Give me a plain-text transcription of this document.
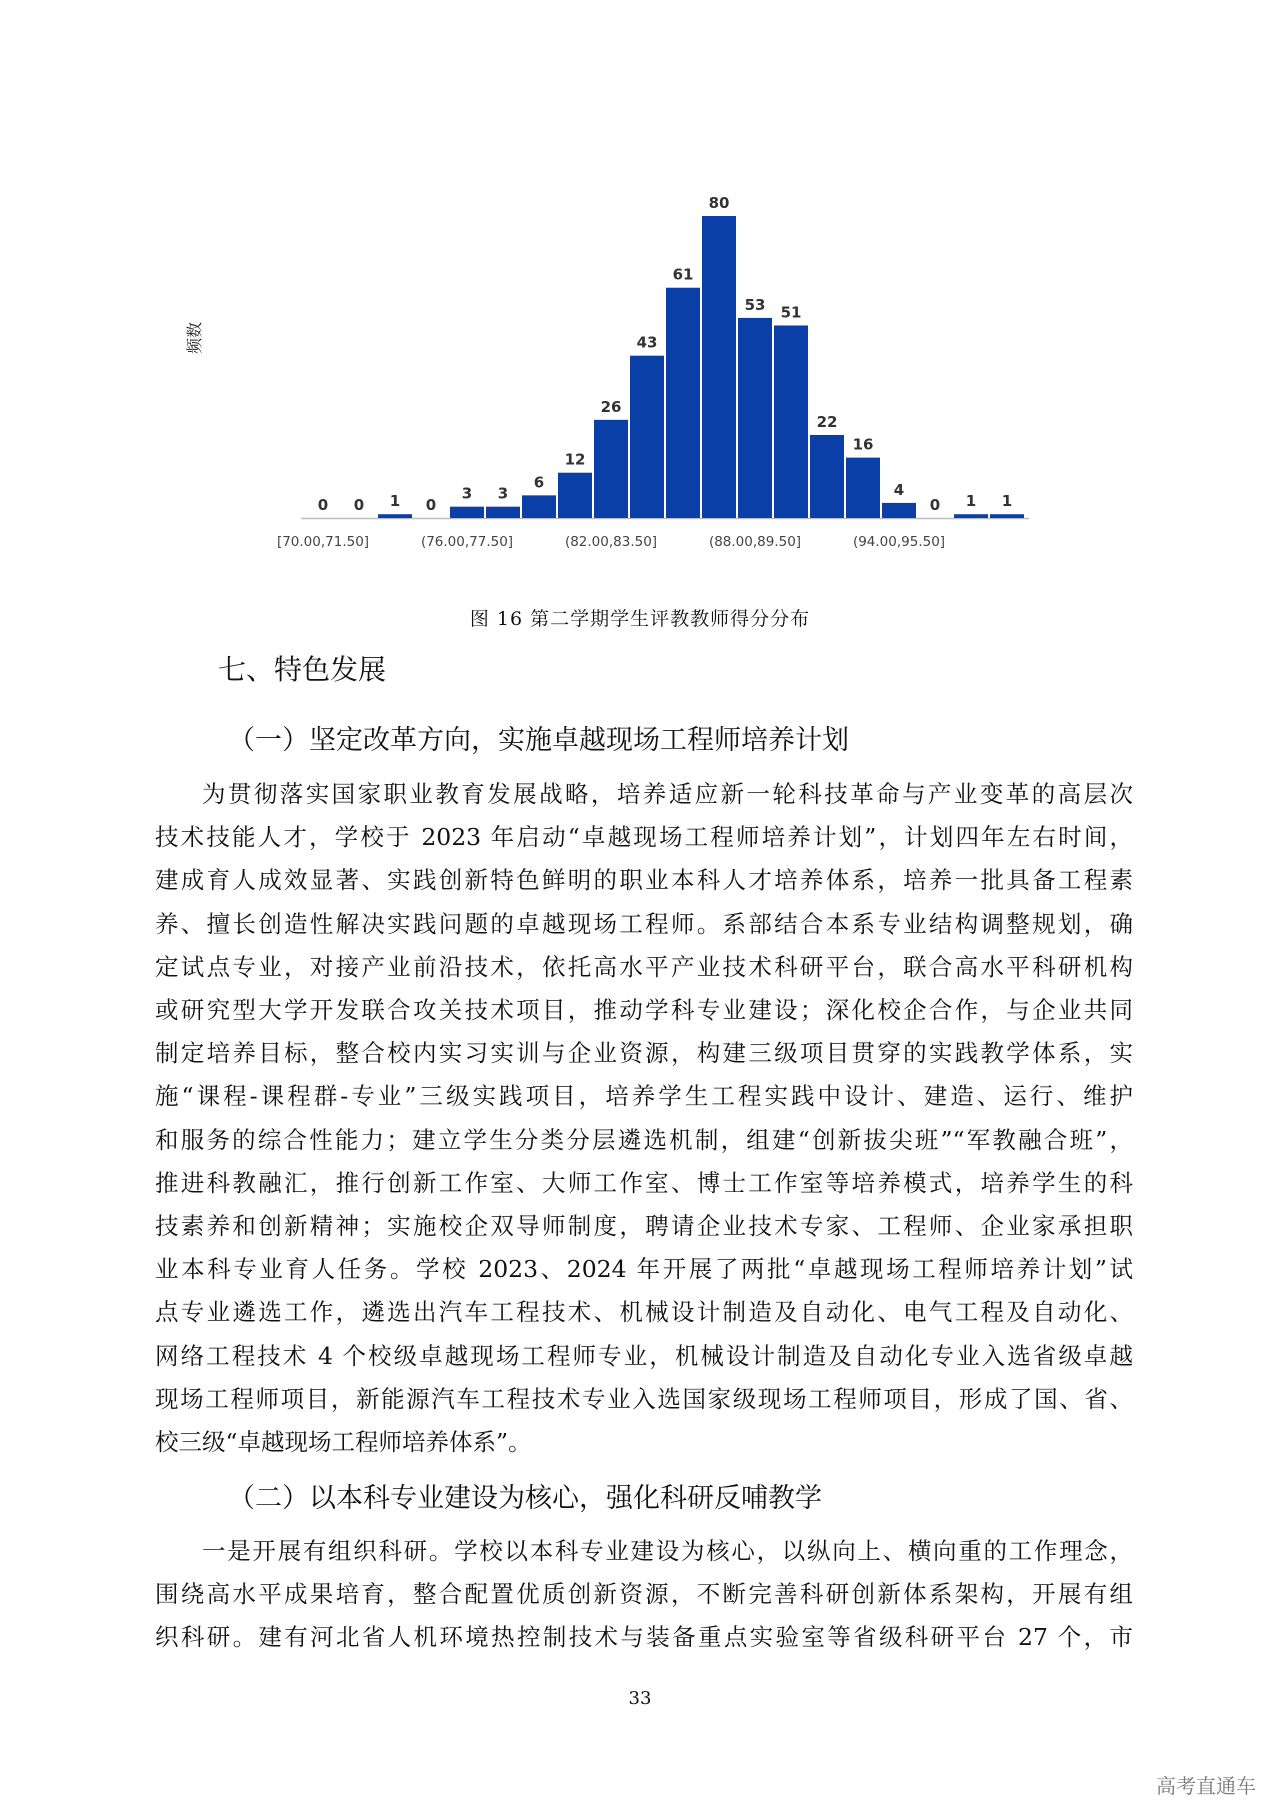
频数
0 0 1 0
3 3
6
12
26
43
61
80
53 51
22
16
4
0 1 1
[70.00,71.50]	(76.00,77.50]	(82.00,83.50]	(88.00,89.50]	(94.00,95.50]
图 16 第二学期学生评教教师得分分布
七、特色发展
（一）坚定改革方向，实施卓越现场工程师培养计划
为贯彻落实国家职业教育发展战略，培养适应新一轮科技革命与产业变革的高层次
技术技能人才，学校于 2023 年启动“卓越现场工程师培养计划”，计划四年左右时间，
建成育人成效显著、实践创新特色鲜明的职业本科人才培养体系，培养一批具备工程素
养、擅长创造性解决实践问题的卓越现场工程师。系部结合本系专业结构调整规划，确
定试点专业，对接产业前沿技术，依托高水平产业技术科研平台，联合高水平科研机构
或研究型大学开发联合攻关技术项目，推动学科专业建设；深化校企合作，与企业共同
制定培养目标，整合校内实习实训与企业资源，构建三级项目贯穿的实践教学体系，实
施“课程-课程群-专业”三级实践项目，培养学生工程实践中设计、建造、运行、维护
和服务的综合性能力；建立学生分类分层遴选机制，组建“创新拔尖班”“军教融合班”，
推进科教融汇，推行创新工作室、大师工作室、博士工作室等培养模式，培养学生的科
技素养和创新精神；实施校企双导师制度，聘请企业技术专家、工程师、企业家承担职
业本科专业育人任务。学校 2023、2024 年开展了两批“卓越现场工程师培养计划”试
点专业遴选工作，遴选出汽车工程技术、机械设计制造及自动化、电气工程及自动化、
网络工程技术 4 个校级卓越现场工程师专业，机械设计制造及自动化专业入选省级卓越
现场工程师项目，新能源汽车工程技术专业入选国家级现场工程师项目，形成了国、省、
校三级“卓越现场工程师培养体系”。
（二）以本科专业建设为核心，强化科研反哺教学
一是开展有组织科研。学校以本科专业建设为核心，以纵向上、横向重的工作理念，
围绕高水平成果培育，整合配置优质创新资源，不断完善科研创新体系架构，开展有组
织科研。建有河北省人机环境热控制技术与装备重点实验室等省级科研平台 27 个，市
33
高考直通车
